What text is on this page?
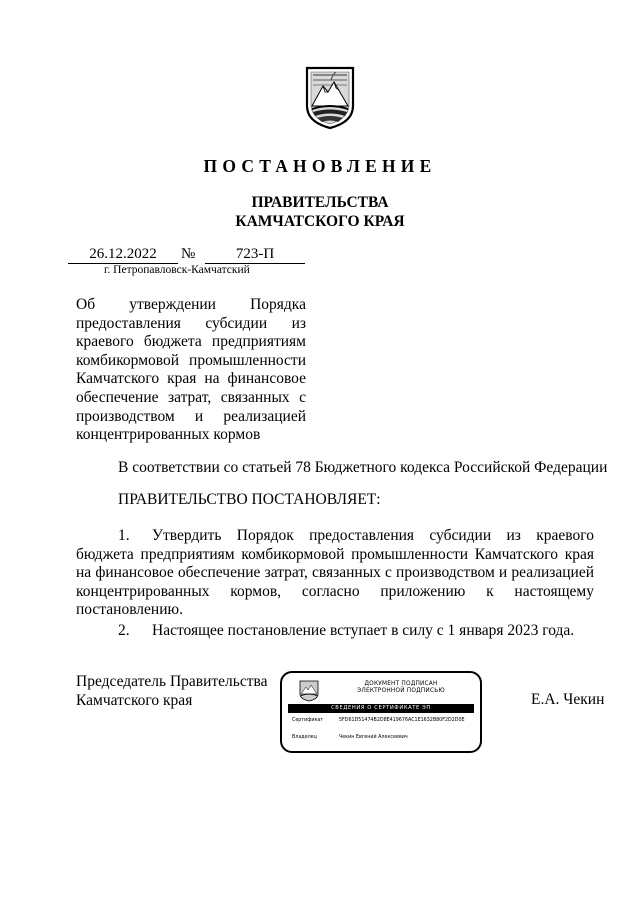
ПОСТАНОВЛЕНИЕ
ПРАВИТЕЛЬСТВА
КАМЧАТСКОГО КРАЯ
26.12.2022	№	723-П
г. Петропавловск-Камчатский
Об утверждении Порядка предоставления субсидии из краевого бюджета предприятиям комбикормовой промышленности Камчатского края на финансовое обеспечение затрат, связанных с производством и реализацией концентрированных кормов
В соответствии со статьей 78 Бюджетного кодекса Российской Федерации
ПРАВИТЕЛЬСТВО ПОСТАНОВЛЯЕТ:
1. Утвердить Порядок предоставления субсидии из краевого бюджета предприятиям комбикормовой промышленности Камчатского края на финансовое обеспечение затрат, связанных с производством и реализацией концентрированных кормов, согласно приложению к настоящему постановлению.
2. Настоящее постановление вступает в силу с 1 января 2023 года.
Председатель Правительства
Камчатского края
ДОКУМЕНТ ПОДПИСАН
ЭЛЕКТРОННОЙ ПОДПИСЬЮ
СВЕДЕНИЯ О СЕРТИФИКАТЕ ЭП
Сертификат	5FD61D51474B2D8E419676AC1E1632B80F2D2D0E
Владелец	Чекин Евгений Алексеевич
Е.А. Чекин
